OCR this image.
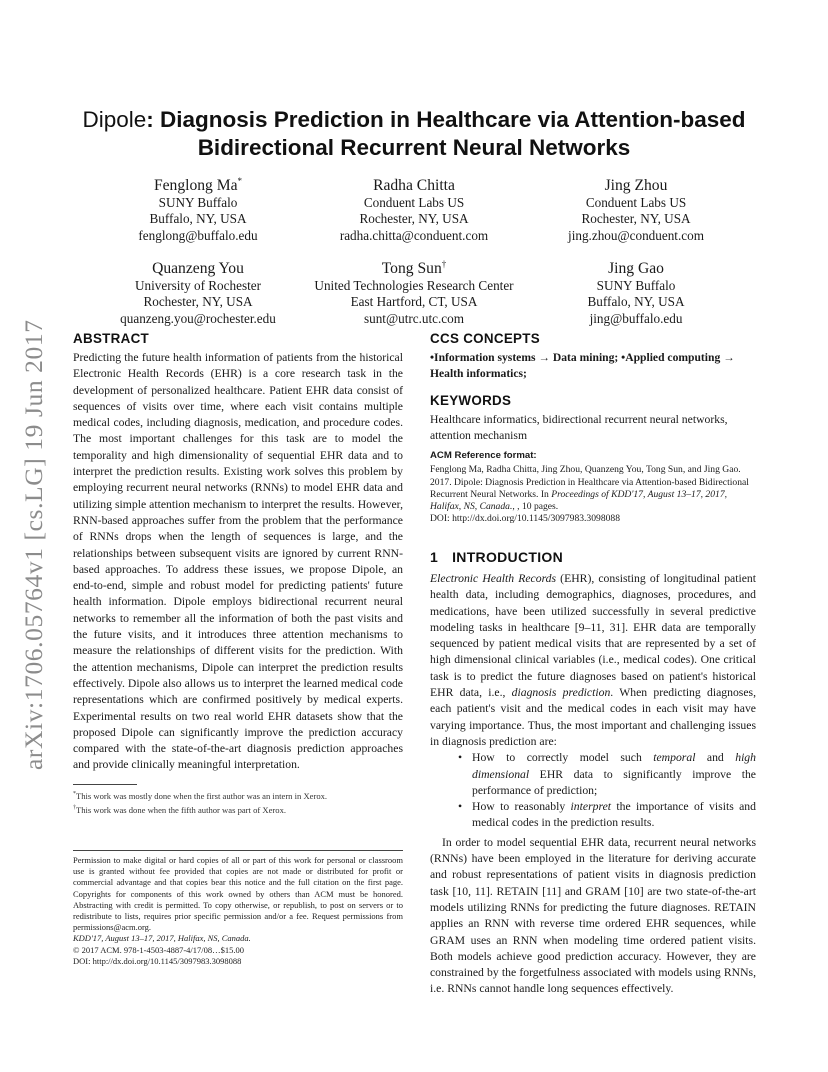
arXiv:1706.05764v1 [cs.LG] 19 Jun 2017
Dipole: Diagnosis Prediction in Healthcare via Attention-based
Bidirectional Recurrent Neural Networks
Fenglong Ma*
SUNY Buffalo
Buffalo, NY, USA
fenglong@buffalo.edu
Radha Chitta
Conduent Labs US
Rochester, NY, USA
radha.chitta@conduent.com
Jing Zhou
Conduent Labs US
Rochester, NY, USA
jing.zhou@conduent.com
Quanzeng You
University of Rochester
Rochester, NY, USA
quanzeng.you@rochester.edu
Tong Sun†
United Technologies Research Center
East Hartford, CT, USA
sunt@utrc.utc.com
Jing Gao
SUNY Buffalo
Buffalo, NY, USA
jing@buffalo.edu
ABSTRACT

Predicting the future health information of patients from the historical Electronic Health Records (EHR) is a core research task in the development of personalized healthcare. Patient EHR data consist of sequences of visits over time, where each visit contains multiple medical codes, including diagnosis, medication, and procedure codes. The most important challenges for this task are to model the temporality and high dimensionality of sequential EHR data and to interpret the prediction results. Existing work solves this problem by employing recurrent neural networks (RNNs) to model EHR data and utilizing simple attention mechanism to interpret the results. However, RNN-based approaches suffer from the problem that the performance of RNNs drops when the length of sequences is large, and the relationships between subsequent visits are ignored by current RNN-based approaches. To address these issues, we propose Dipole, an end-to-end, simple and robust model for predicting patients' future health information. Dipole employs bidirectional recurrent neural networks to remember all the information of both the past visits and the future visits, and it introduces three attention mechanisms to measure the relationships of different visits for the prediction. With the attention mechanisms, Dipole can interpret the prediction results effectively. Dipole also allows us to interpret the learned medical code representations which are confirmed positively by medical experts. Experimental results on two real world EHR datasets show that the proposed Dipole can significantly improve the prediction accuracy compared with the state-of-the-art diagnosis prediction approaches and provide clinically meaningful interpretation.

*This work was mostly done when the first author was an intern in Xerox.
†This work was done when the fifth author was part of Xerox.
Permission to make digital or hard copies of all or part of this work for personal or classroom use is granted without fee provided that copies are not made or distributed for profit or commercial advantage and that copies bear this notice and the full citation on the first page. Copyrights for components of this work owned by others than ACM must be honored. Abstracting with credit is permitted. To copy otherwise, or republish, to post on servers or to redistribute to lists, requires prior specific permission and/or a fee. Request permissions from permissions@acm.org.
KDD'17, August 13–17, 2017, Halifax, NS, Canada.
© 2017 ACM. 978-1-4503-4887-4/17/08…$15.00
DOI: http://dx.doi.org/10.1145/3097983.3098088
CCS CONCEPTS

•Information systems → Data mining; •Applied computing → Health informatics;

KEYWORDS

Healthcare informatics, bidirectional recurrent neural networks, attention mechanism

ACM Reference format:
Fenglong Ma, Radha Chitta, Jing Zhou, Quanzeng You, Tong Sun, and Jing Gao. 2017. Dipole: Diagnosis Prediction in Healthcare via Attention-based Bidirectional Recurrent Neural Networks. In Proceedings of KDD'17, August 13–17, 2017, Halifax, NS, Canada., , 10 pages.
DOI: http://dx.doi.org/10.1145/3097983.3098088
1 INTRODUCTION

Electronic Health Records (EHR), consisting of longitudinal patient health data, including demographics, diagnoses, procedures, and medications, have been utilized successfully in several predictive modeling tasks in healthcare [9–11, 31]. EHR data are temporally sequenced by patient medical visits that are represented by a set of high dimensional clinical variables (i.e., medical codes). One critical task is to predict the future diagnoses based on patient's historical EHR data, i.e., diagnosis prediction. When predicting diagnoses, each patient's visit and the medical codes in each visit may have varying importance. Thus, the most important and challenging issues in diagnosis prediction are:

• How to correctly model such temporal and high dimensional EHR data to significantly improve the performance of prediction;
• How to reasonably interpret the importance of visits and medical codes in the prediction results.

In order to model sequential EHR data, recurrent neural networks (RNNs) have been employed in the literature for deriving accurate and robust representations of patient visits in diagnosis prediction task [10, 11]. RETAIN [11] and GRAM [10] are two state-of-the-art models utilizing RNNs for predicting the future diagnoses. RETAIN applies an RNN with reverse time ordered EHR sequences, while GRAM uses an RNN when modeling time ordered patient visits. Both models achieve good prediction accuracy. However, they are constrained by the forgetfulness associated with models using RNNs, i.e. RNNs cannot handle long sequences effectively.
